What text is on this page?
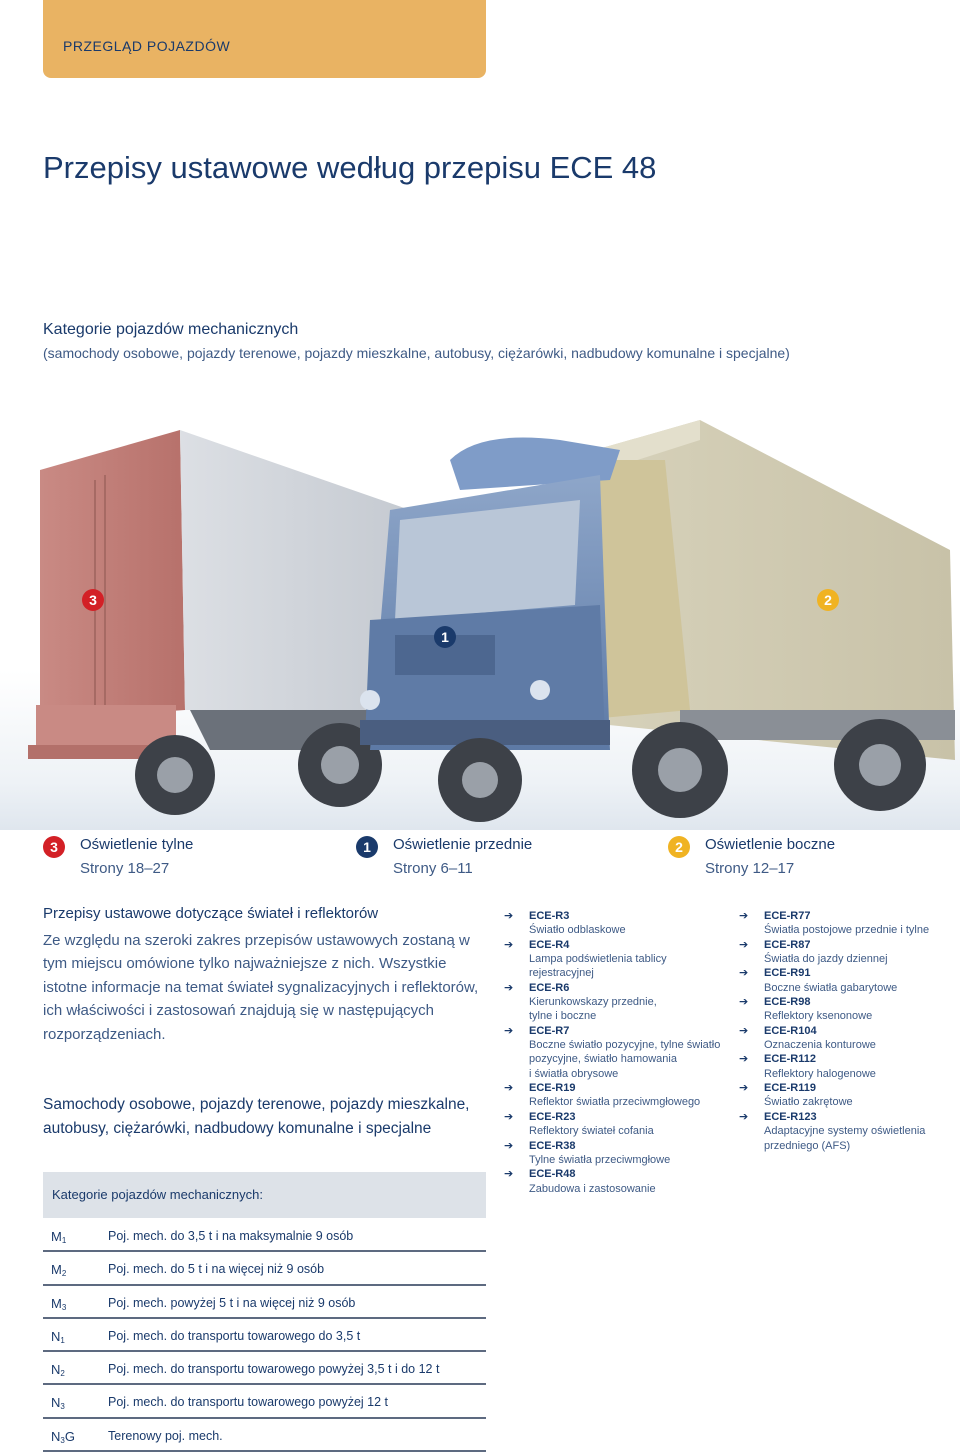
PRZEGLĄD POJAZDÓW
Przepisy ustawowe według przepisu ECE 48
Kategorie pojazdów mechanicznych
(samochody osobowe, pojazdy terenowe, pojazdy mieszkalne, autobusy, ciężarówki, nadbudowy komunalne i specjalne)
3
1
2
3	Oświetlenie tylne
Strony 18–27
1	Oświetlenie przednie
Strony 6–11
2	Oświetlenie boczne
Strony 12–17
Przepisy ustawowe dotyczące świateł i reflektorów
Ze względu na szeroki zakres przepisów ustawowych zostaną w tym miejscu omówione tylko najważniejsze z nich. Wszystkie istotne informacje na temat świateł sygnalizacyjnych i reflektorów, ich właściwości i zastosowań znajdują się w następujących rozporządzeniach.
Samochody osobowe, pojazdy terenowe, pojazdy mieszkalne, autobusy, ciężarówki, nadbudowy komunalne i specjalne
Kategorie pojazdów mechanicznych:
$M_1$	Poj. mech. do 3,5 t i na maksymalnie 9 osób
$M_2$	Poj. mech. do 5 t i na więcej niż 9 osób
$M_3$	Poj. mech. powyżej 5 t i na więcej niż 9 osób
$N_1$	Poj. mech. do transportu towarowego do 3,5 t
$N_2$	Poj. mech. do transportu towarowego powyżej 3,5 t i do 12 t
$N_3$	Poj. mech. do transportu towarowego powyżej 12 t
$N_3G$	Terenowy poj. mech.
➔ ECE-R3
Światło odblaskowe
➔ ECE-R4
Lampa podświetlenia tablicy
rejestracyjnej
➔ ECE-R6
Kierunkowskazy przednie,
tylne i boczne
➔ ECE-R7
Boczne światło pozycyjne, tylne światło
pozycyjne, światło hamowania
i światła obrysowe
➔ ECE-R19
Reflektor światła przeciwmgłowego
➔ ECE-R23
Reflektory świateł cofania
➔ ECE-R38
Tylne światła przeciwmgłowe
➔ ECE-R48
Zabudowa i zastosowanie
➔ ECE-R77
Światła postojowe przednie i tylne
➔ ECE-R87
Światła do jazdy dziennej
➔ ECE-R91
Boczne światła gabarytowe
➔ ECE-R98
Reflektory ksenonowe
➔ ECE-R104
Oznaczenia konturowe
➔ ECE-R112
Reflektory halogenowe
➔ ECE-R119
Światło zakrętowe
➔ ECE-R123
Adaptacyjne systemy oświetlenia
przedniego (AFS)
